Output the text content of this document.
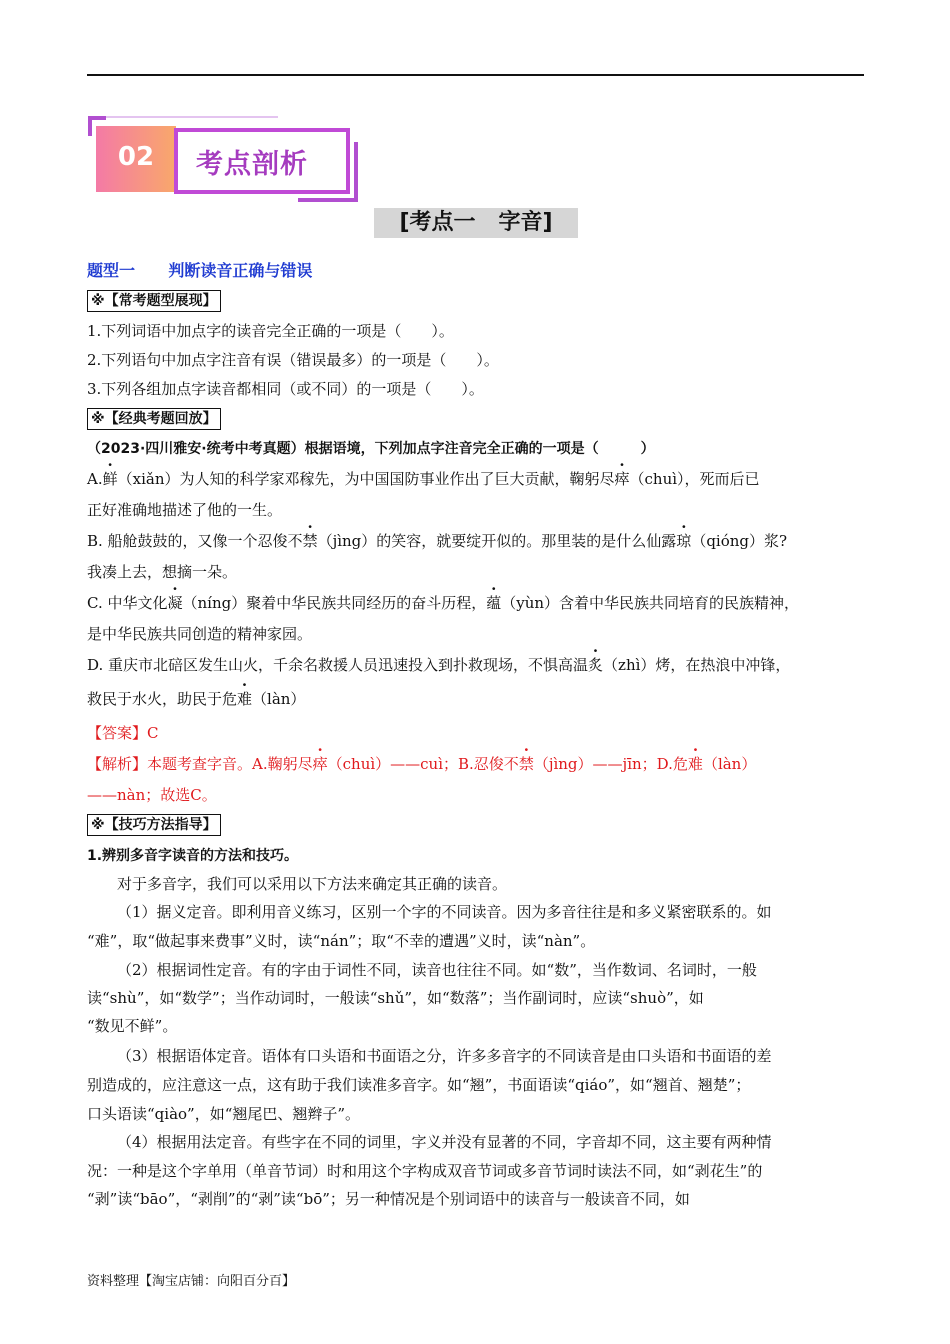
02	考点剖析
[考点一   字音]
题型一      判断读音正确与错误
※【常考题型展现】
1.下列词语中加点字的读音完全正确的一项是（　　）。
2.下列语句中加点字注音有误（错误最多）的一项是（　　）。
3.下列各组加点字读音都相同（或不同）的一项是（　　）。
※【经典考题回放】
（2023·四川雅安·统考中考真题）根据语境，下列加点字注音完全正确的一项是（　　　）
A.鲜（xiǎn）为人知的科学家邓稼先，为中国国防事业作出了巨大贡献，鞠躬尽瘁（chuì），死而后已
正好准确地描述了他的一生。
B. 船舱鼓鼓的，又像一个忍俊不禁（jìng）的笑容，就要绽开似的。那里装的是什么仙露琼（qióng）浆?
我凑上去，想摘一朵。
C. 中华文化凝（níng）聚着中华民族共同经历的奋斗历程，蕴（yùn）含着中华民族共同培育的民族精神，
是中华民族共同创造的精神家园。
D. 重庆市北碚区发生山火，千余名救援人员迅速投入到扑救现场，不惧高温炙（zhì）烤，在热浪中冲锋，
救民于水火，助民于危难（làn）
【答案】C
【解析】本题考查字音。A.鞠躬尽瘁（chuì）——cuì；B.忍俊不禁（jìng）——jīn；D.危难（làn）
——nàn；故选C。
※【技巧方法指导】
1.辨别多音字读音的方法和技巧。
对于多音字，我们可以采用以下方法来确定其正确的读音。
（1）据义定音。即利用音义练习，区别一个字的不同读音。因为多音往往是和多义紧密联系的。如
“难”，取“做起事来费事”义时，读“nán”；取“不幸的遭遇”义时，读“nàn”。
（2）根据词性定音。有的字由于词性不同，读音也往往不同。如“数”，当作数词、名词时，一般
读“shù”，如“数学”；当作动词时，一般读“shǔ”，如“数落”；当作副词时，应读“shuò”，如
“数见不鲜”。
（3）根据语体定音。语体有口头语和书面语之分，许多多音字的不同读音是由口头语和书面语的差
别造成的，应注意这一点，这有助于我们读准多音字。如“翘”，书面语读“qiáo”，如“翘首、翘楚”；
口头语读“qiào”，如“翘尾巴、翘辫子”。
（4）根据用法定音。有些字在不同的词里，字义并没有显著的不同，字音却不同，这主要有两种情
况：一种是这个字单用（单音节词）时和用这个字构成双音节词或多音节词时读法不同，如“剥花生”的
“剥”读“bāo”，“剥削”的“剥”读“bō”；另一种情况是个别词语中的读音与一般读音不同，如
资料整理【淘宝店铺：向阳百分百】
